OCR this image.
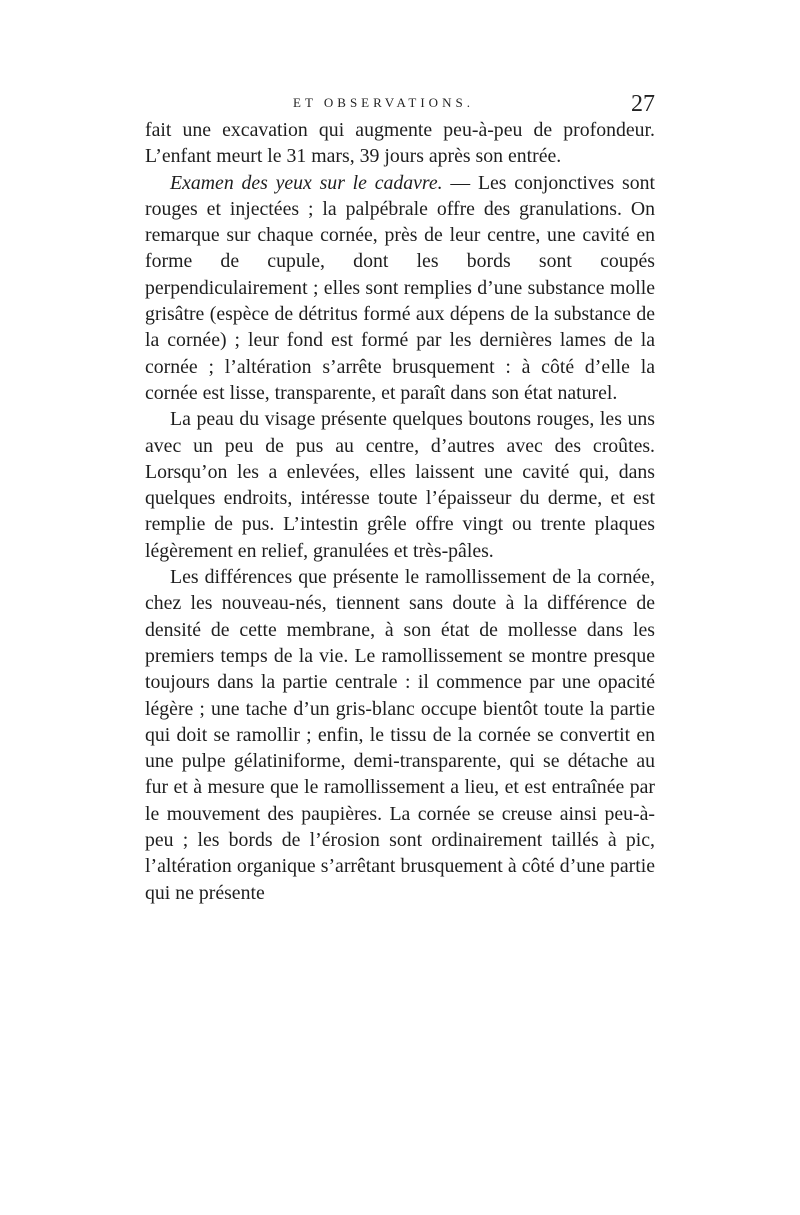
ET OBSERVATIONS.	27

fait une excavation qui augmente peu-à-peu de profondeur. L’enfant meurt le 31 mars, 39 jours après son entrée.

Examen des yeux sur le cadavre. — Les conjonctives sont rouges et injectées ; la palpébrale offre des granulations. On remarque sur chaque cornée, près de leur centre, une cavité en forme de cupule, dont les bords sont coupés perpendiculairement ; elles sont remplies d’une substance molle grisâtre (espèce de détritus formé aux dépens de la substance de la cornée) ; leur fond est formé par les dernières lames de la cornée ; l’altération s’arrête brusquement : à côté d’elle la cornée est lisse, transparente, et paraît dans son état naturel.

La peau du visage présente quelques boutons rouges, les uns avec un peu de pus au centre, d’autres avec des croûtes. Lorsqu’on les a enlevées, elles laissent une cavité qui, dans quelques endroits, intéresse toute l’épaisseur du derme, et est remplie de pus. L’intestin grêle offre vingt ou trente plaques légèrement en relief, granulées et très-pâles.

Les différences que présente le ramollissement de la cornée, chez les nouveau-nés, tiennent sans doute à la différence de densité de cette membrane, à son état de mollesse dans les premiers temps de la vie. Le ramollissement se montre presque toujours dans la partie centrale : il commence par une opacité légère ; une tache d’un gris-blanc occupe bientôt toute la partie qui doit se ramollir ; enfin, le tissu de la cornée se convertit en une pulpe gélatiniforme, demi-transparente, qui se détache au fur et à mesure que le ramollissement a lieu, et est entraînée par le mouvement des paupières. La cornée se creuse ainsi peu-à-peu ; les bords de l’érosion sont ordinairement taillés à pic, l’altération organique s’arrêtant brusquement à côté d’une partie qui ne présente
